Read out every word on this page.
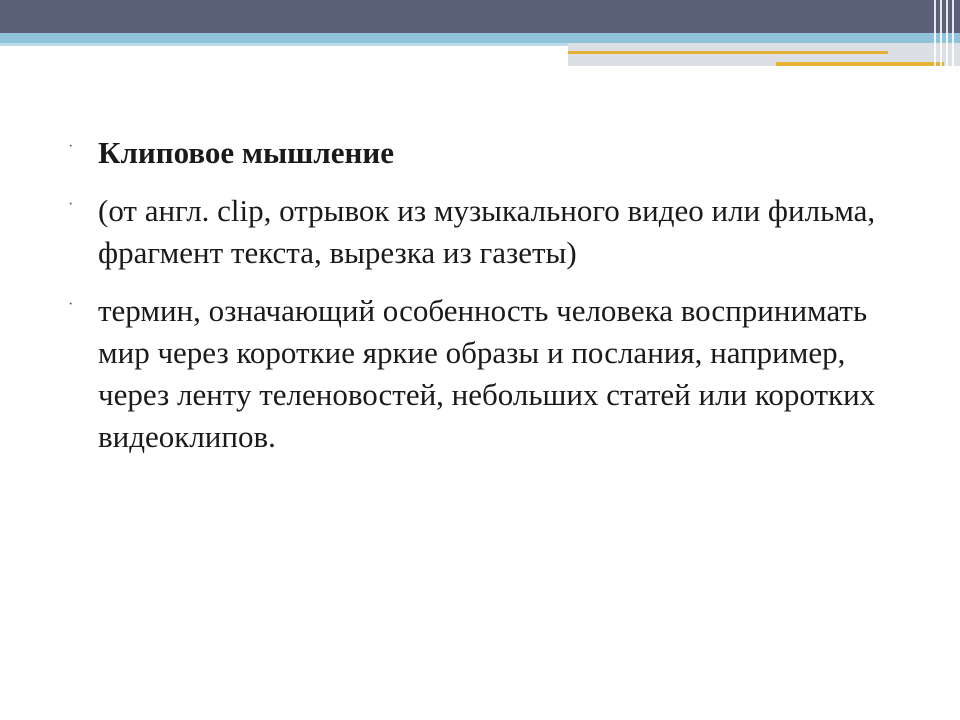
· Клиповое мышление
· (от англ. clip, отрывок из музыкального видео или фильма, фрагмент текста, вырезка из газеты)
· термин, означающий особенность человека воспринимать мир через короткие яркие образы и послания, например, через ленту теленовостей, небольших статей или коротких видеоклипов.
